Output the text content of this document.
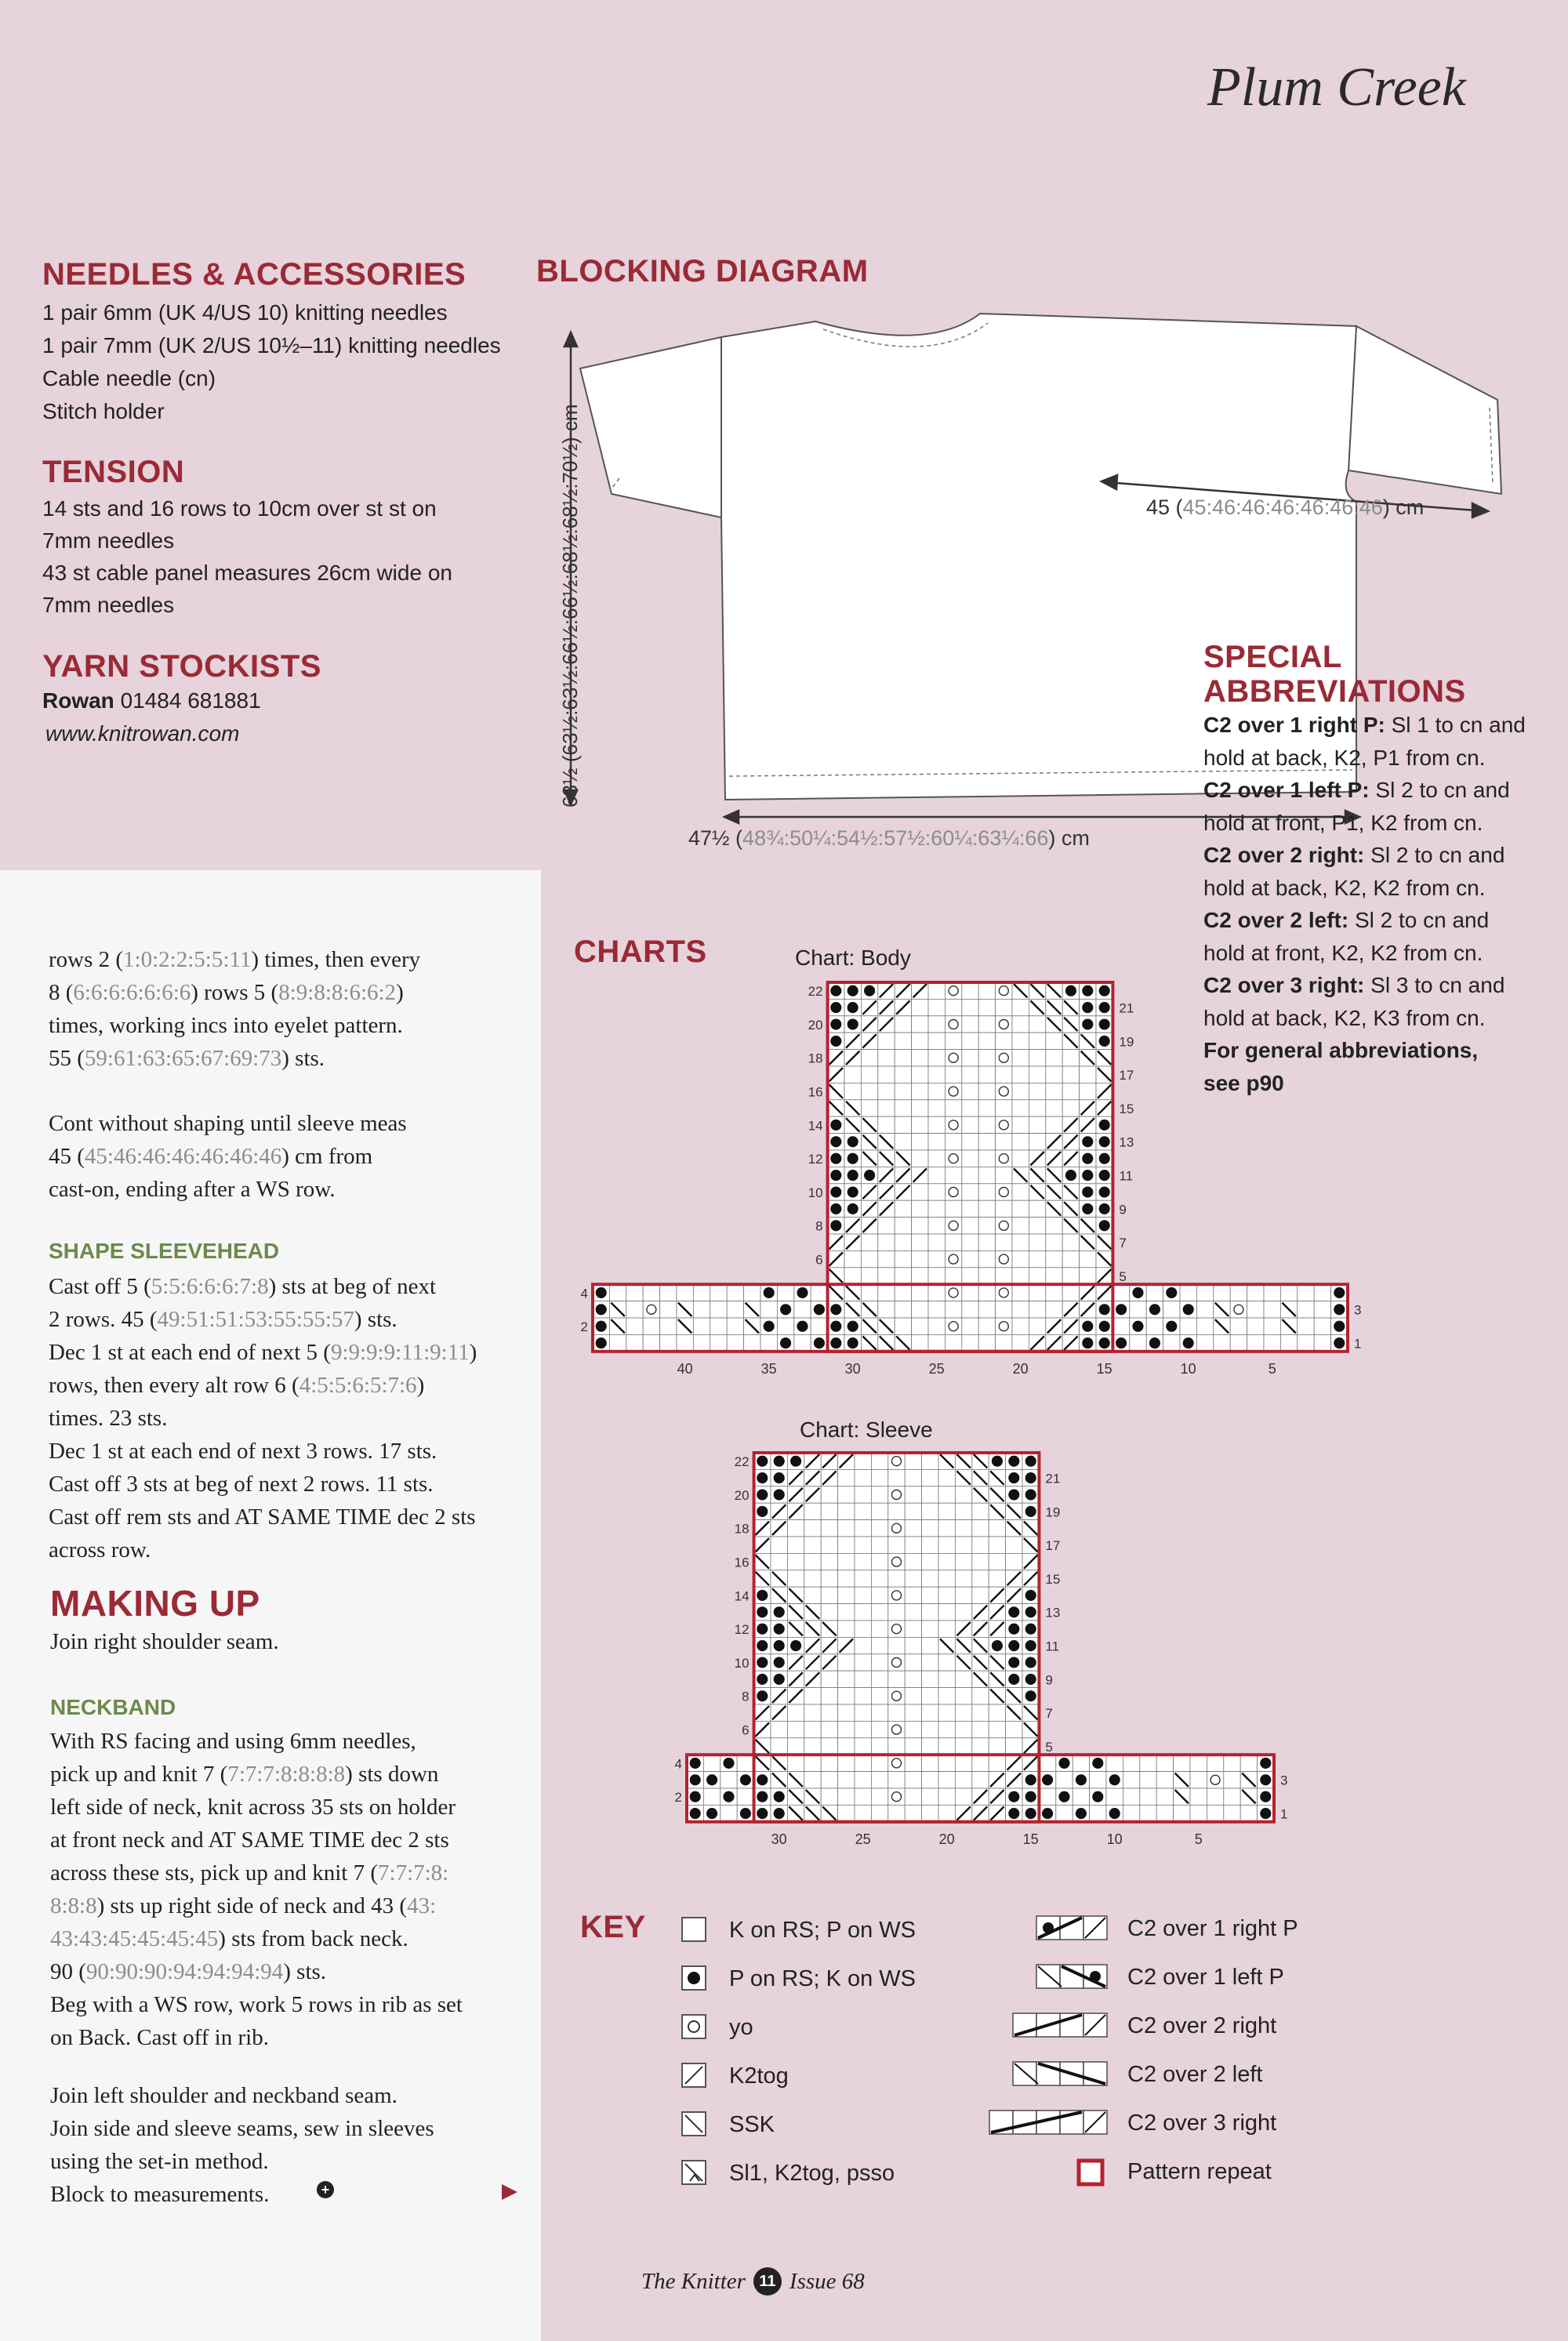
Plum Creek
NEEDLES & ACCESSORIES
1 pair 6mm (UK 4/US 10) knitting needles
1 pair 7mm (UK 2/US 10½–11) knitting needles
Cable needle (cn)
Stitch holder
TENSION
14 sts and 16 rows to 10cm over st st on
7mm needles
43 st cable panel measures 26cm wide on
7mm needles
YARN STOCKISTS
Rowan 01484 681881
www.knitrowan.com
BLOCKING DIAGRAM
63½ (63½:63½:66½:66½:68½:68½:70½) cm	45 (45:46:46:46:46:46:46) cm
47½ (48¾:50¼:54½:57½:60¼:63¼:66) cm
SPECIAL
ABBREVIATIONS
C2 over 1 right P: Sl 1 to cn and
hold at back, K2, P1 from cn.
C2 over 1 left P: Sl 2 to cn and
hold at front, P1, K2 from cn.
C2 over 2 right: Sl 2 to cn and
hold at back, K2, K2 from cn.
C2 over 2 left: Sl 2 to cn and
hold at front, K2, K2 from cn.
C2 over 3 right: Sl 3 to cn and
hold at back, K2, K3 from cn.
For general abbreviations,
see p90
rows 2 (1:0:2:2:5:5:11) times, then every
8 (6:6:6:6:6:6:6) rows 5 (8:9:8:8:6:6:2)
times, working incs into eyelet pattern.
55 (59:61:63:65:67:69:73) sts.
Cont without shaping until sleeve meas
45 (45:46:46:46:46:46:46) cm from
cast-on, ending after a WS row.
SHAPE SLEEVEHEAD
Cast off 5 (5:5:6:6:6:7:8) sts at beg of next
2 rows. 45 (49:51:51:53:55:55:57) sts.
Dec 1 st at each end of next 5 (9:9:9:9:11:9:11)
rows, then every alt row 6 (4:5:5:6:5:7:6)
times. 23 sts.
Dec 1 st at each end of next 3 rows. 17 sts.
Cast off 3 sts at beg of next 2 rows. 11 sts.
Cast off rem sts and AT SAME TIME dec 2 sts
across row.
MAKING UP
Join right shoulder seam.
NECKBAND
With RS facing and using 6mm needles,
pick up and knit 7 (7:7:7:8:8:8:8) sts down
left side of neck, knit across 35 sts on holder
at front neck and AT SAME TIME dec 2 sts
across these sts, pick up and knit 7 (7:7:7:8:
8:8:8) sts up right side of neck and 43 (43:
43:43:45:45:45:45) sts from back neck.
90 (90:90:90:94:94:94:94) sts.
Beg with a WS row, work 5 rows in rib as set
on Back. Cast off in rib.
Join left shoulder and neckband seam.
Join side and sleeve seams, sew in sleeves
using the set-in method.
Block to measurements.	+
CHARTS	Chart: Body
22
20
18
16
14
12
10
8
6
4
2
21
19
17
15
13
11
9
7
5
3
1
40	35	30	25	20	15	10	5
Chart: Sleeve
22
20
18
16
14
12
10
8
6
4
2
21
19
17
15
13
11
9
7
5
3
1
30	25	20	15	10	5
KEY	K on RS; P on WS
P on RS; K on WS
yo
K2tog
SSK
Sl1, K2tog, psso
C2 over 1 right P
C2 over 1 left P
C2 over 2 right
C2 over 2 left
C2 over 3 right
Pattern repeat
The Knitter 11 Issue 68
